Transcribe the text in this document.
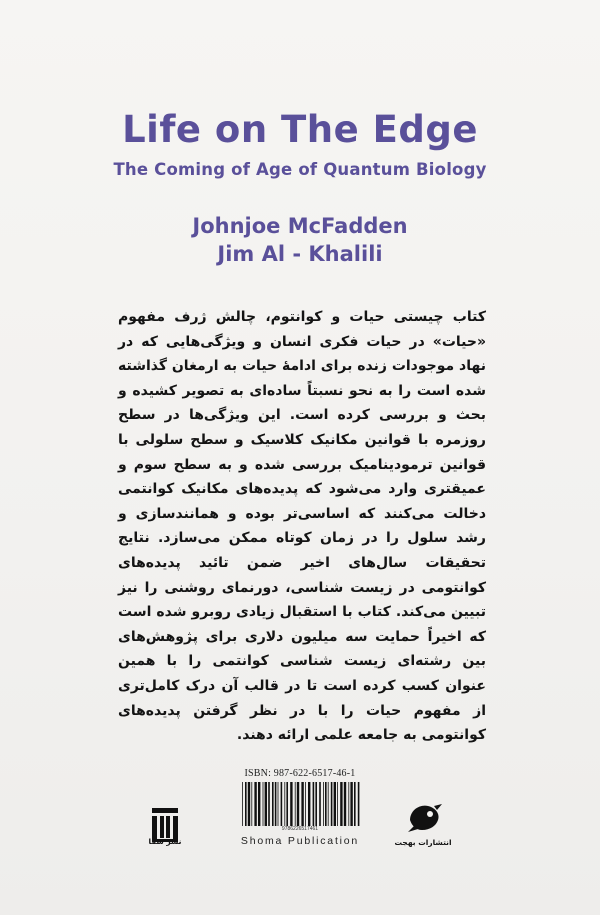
Life on The Edge
The Coming of Age of Quantum Biology
Johnjoe McFadden
Jim Al - Khalili

کتاب چیستی حیات و کوانتوم، چالش ژرف مفهوم «حیات» در حیات فکری انسان و ویژگی‌هایی که در نهاد موجودات زنده برای ادامهٔ حیات به ارمغان گذاشته شده است را به نحو نسبتاً ساده‌ای به تصویر کشیده و بحث و بررسی کرده است. این ویژگی‌ها در سطح روزمره با قوانین مکانیک کلاسیک و سطح سلولی با قوانین ترمودینامیک بررسی شده و به سطح سوم و عمیقتری وارد می‌شود که پدیده‌های مکانیک کوانتمی دخالت می‌کنند که اساسی‌تر بوده و همانندسازی و رشد سلول را در زمان کوتاه ممکن می‌سازد. نتایج تحقیقات سال‌های اخیر ضمن تائید پدیده‌های کوانتومی در زیست شناسی، دورنمای روشنی را نیز تبیین می‌کند. کتاب با استقبال زیادی روبرو شده است که اخیراً حمایت سه میلیون دلاری برای پژوهش‌های بین رشته‌ای زیست شناسی کوانتمی را با همین عنوان کسب کرده است تا در قالب آن درک کامل‌تری از مفهوم حیات را با در نظر گرفتن پدیده‌های کوانتومی به جامعه علمی ارائه دهند.

نشر شما
ISBN: 987-622-6517-46-1
9786226517461
Shoma Publication	انتشارات بهجت
